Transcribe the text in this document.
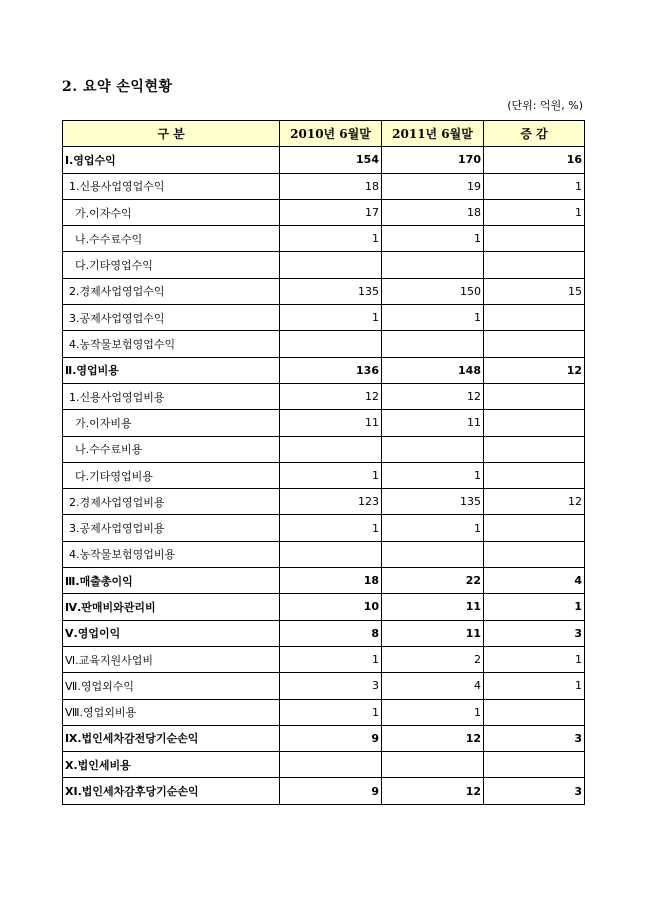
2. 요약 손익현황
(단위: 억원, %)
구 분	2010년 6월말	2011년 6월말	증 감
Ⅰ.영업수익	154	170	16
1.신용사업영업수익	18	19	1
가.이자수익	17	18	1
나.수수료수익	1	1	
다.기타영업수익			
2.경제사업영업수익	135	150	15
3.공제사업영업수익	1	1	
4.농작물보험영업수익			
Ⅱ.영업비용	136	148	12
1.신용사업영업비용	12	12	
가.이자비용	11	11	
나.수수료비용			
다.기타영업비용	1	1	
2.경제사업영업비용	123	135	12
3.공제사업영업비용	1	1	
4.농작물보험영업비용			
Ⅲ.매출총이익	18	22	4
Ⅳ.판매비와관리비	10	11	1
Ⅴ.영업이익	8	11	3
Ⅵ.교육지원사업비	1	2	1
Ⅶ.영업외수익	3	4	1
Ⅷ.영업외비용	1	1	
Ⅸ.법인세차감전당기순손익	9	12	3
Ⅹ.법인세비용			
ⅩⅠ.법인세차감후당기순손익	9	12	3
